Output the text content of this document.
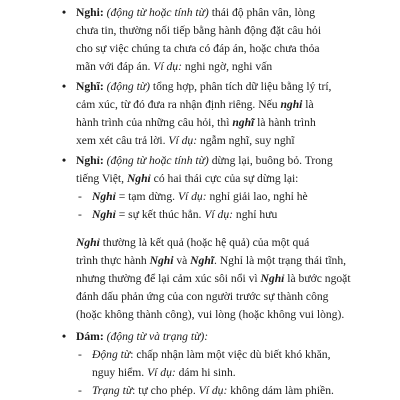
• Nghi: (động từ hoặc tính từ) thái độ phân vân, lòng
chưa tin, thường nối tiếp bằng hành động đặt câu hỏi
cho sự việc chúng ta chưa có đáp án, hoặc chưa thỏa
mãn với đáp án. Ví dụ: nghi ngờ, nghi vấn
• Nghĩ: (động từ) tổng hợp, phân tích dữ liệu bằng lý trí,
cảm xúc, từ đó đưa ra nhận định riêng. Nếu nghi là
hành trình của những câu hỏi, thì nghĩ là hành trình
xem xét câu trả lời. Ví dụ: ngẫm nghĩ, suy nghĩ
• Nghỉ: (động từ hoặc tính từ) dừng lại, buông bỏ. Trong
tiếng Việt, Nghỉ có hai thái cực của sự dừng lại:
- Nghỉ = tạm dừng. Ví dụ: nghỉ giải lao, nghỉ hè
- Nghỉ = sự kết thúc hẳn. Ví dụ: nghỉ hưu
Nghỉ thường là kết quả (hoặc hệ quả) của một quá
trình thực hành Nghi và Nghĩ. Nghỉ là một trạng thái tĩnh,
nhưng thường để lại cảm xúc sôi nổi vì Nghỉ là bước ngoặt
đánh dấu phản ứng của con người trước sự thành công
(hoặc không thành công), vui lòng (hoặc không vui lòng).
• Dám: (động từ và trạng từ):
- Động từ: chấp nhận làm một việc dù biết khó khăn,
nguy hiểm. Ví dụ: dám hi sinh.
- Trạng từ: tự cho phép. Ví dụ: không dám làm phiền.
